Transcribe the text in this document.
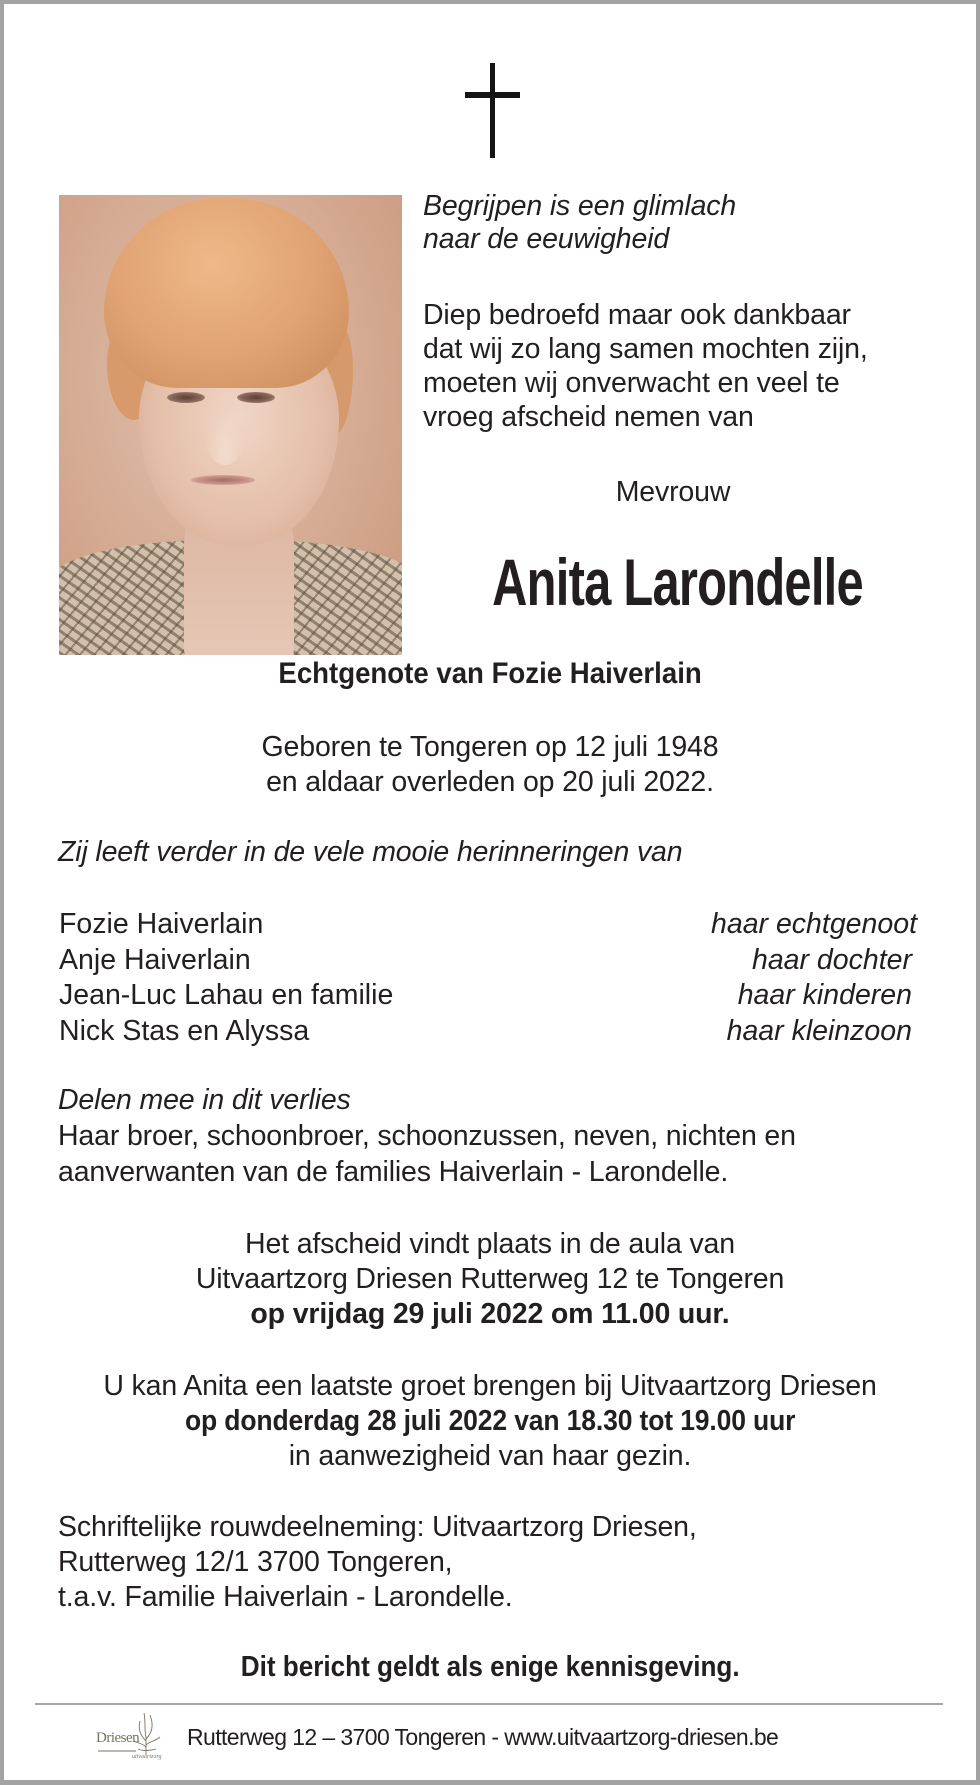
Begrijpen is een glimlach
naar de eeuwigheid
Diep bedroefd maar ook dankbaar
dat wij zo lang samen mochten zijn,
moeten wij onverwacht en veel te
vroeg afscheid nemen van
Mevrouw
Anita Larondelle
Echtgenote van Fozie Haiverlain
Geboren te Tongeren op 12 juli 1948
en aldaar overleden op 20 juli 2022.
Zij leeft verder in de vele mooie herinneringen van
Fozie Haiverlain	haar echtgenoot
Anje Haiverlain	haar dochter
Jean-Luc Lahau en familie	haar kinderen
Nick Stas en Alyssa	haar kleinzoon
Delen mee in dit verlies
Haar broer, schoonbroer, schoonzussen, neven, nichten en
aanverwanten van de families Haiverlain - Larondelle.
Het afscheid vindt plaats in de aula van
Uitvaartzorg Driesen Rutterweg 12 te Tongeren
op vrijdag 29 juli 2022 om 11.00 uur.
U kan Anita een laatste groet brengen bij Uitvaartzorg Driesen
op donderdag 28 juli 2022 van 18.30 tot 19.00 uur
in aanwezigheid van haar gezin.
Schriftelijke rouwdeelneming: Uitvaartzorg Driesen,
Rutterweg 12/1 3700 Tongeren,
t.a.v. Familie Haiverlain - Larondelle.
Dit bericht geldt als enige kennisgeving.
Driesen
uitvaartzorg
Rutterweg 12 – 3700 Tongeren - www.uitvaartzorg-driesen.be
